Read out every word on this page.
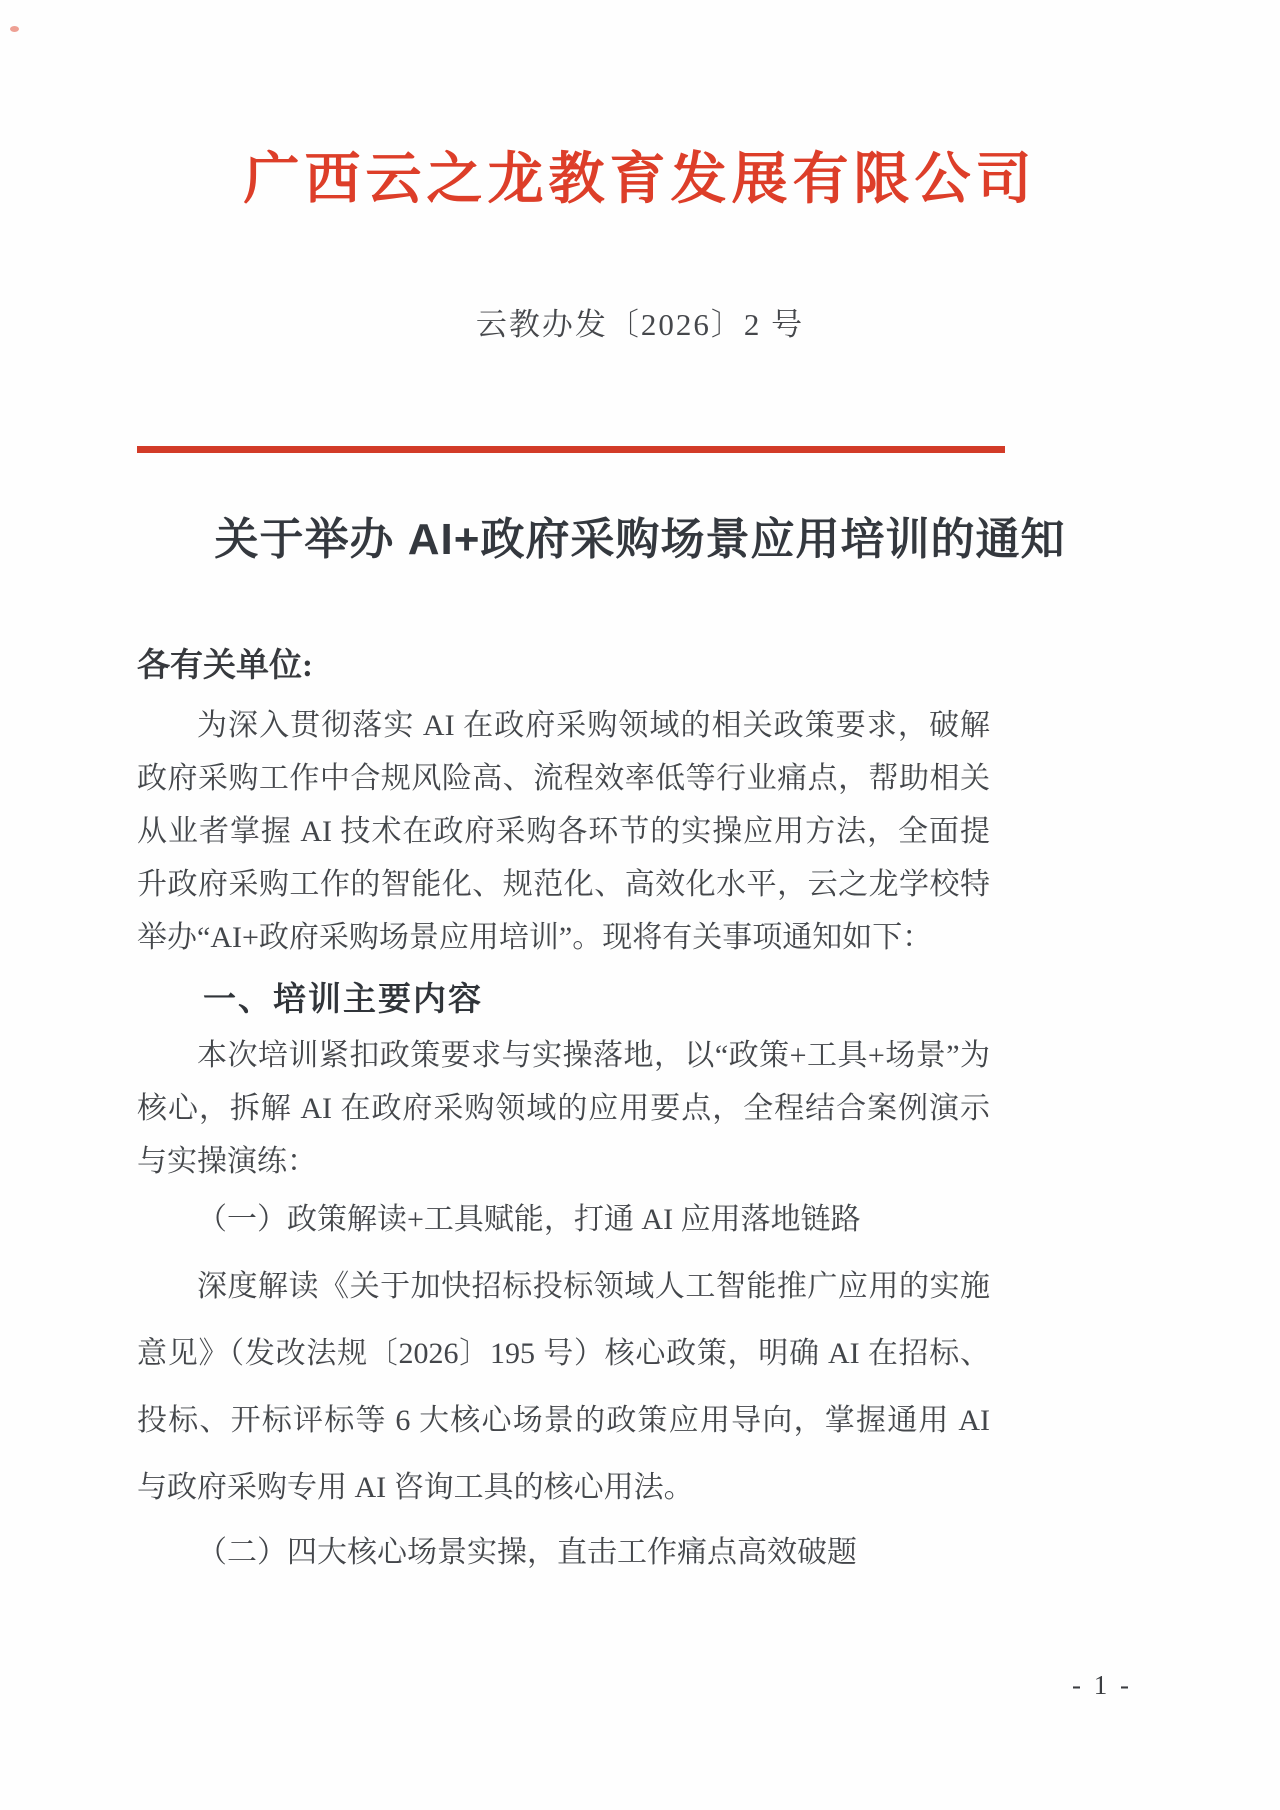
广西云之龙教育发展有限公司
云教办发〔2026〕2 号
关于举办 AI+政府采购场景应用培训的通知

各有关单位:

为深入贯彻落实 AI 在政府采购领域的相关政策要求，破解政府采购工作中合规风险高、流程效率低等行业痛点，帮助相关从业者掌握 AI 技术在政府采购各环节的实操应用方法，全面提升政府采购工作的智能化、规范化、高效化水平，云之龙学校特举办“AI+政府采购场景应用培训”。现将有关事项通知如下：

一、培训主要内容

本次培训紧扣政策要求与实操落地，以“政策+工具+场景”为核心，拆解 AI 在政府采购领域的应用要点，全程结合案例演示与实操演练：

（一）政策解读+工具赋能，打通 AI 应用落地链路

深度解读《关于加快招标投标领域人工智能推广应用的实施意见》（发改法规〔2026〕195 号）核心政策，明确 AI 在招标、投标、开标评标等 6 大核心场景的政策应用导向，掌握通用 AI 与政府采购专用 AI 咨询工具的核心用法。

（二）四大核心场景实操，直击工作痛点高效破题

- 1 -
